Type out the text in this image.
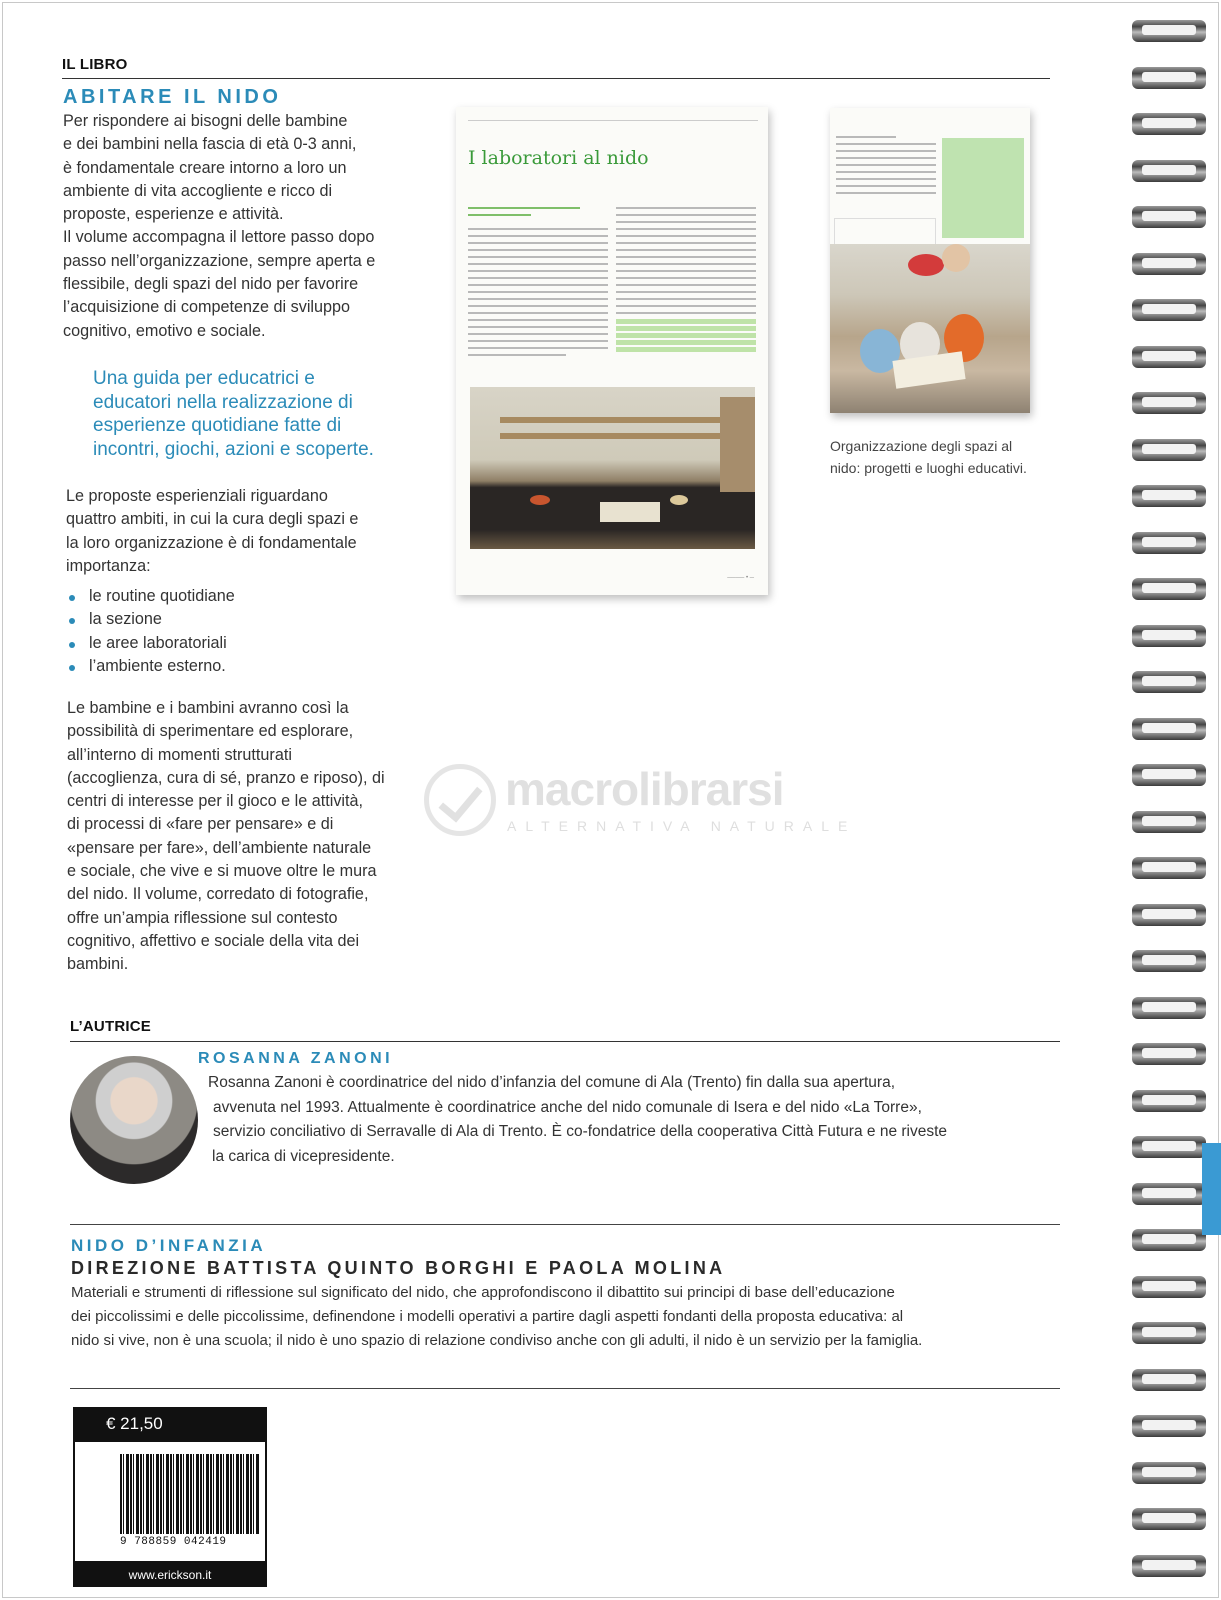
IL LIBRO
ABITARE IL NIDO
Per rispondere ai bisogni delle bambine
e dei bambini nella fascia di età 0-3 anni,
è fondamentale creare intorno a loro un
ambiente di vita accogliente e ricco di
proposte, esperienze e attività.
Il volume accompagna il lettore passo dopo
passo nell’organizzazione, sempre aperta e
flessibile, degli spazi del nido per favorire
l’acquisizione di competenze di sviluppo
cognitivo, emotivo e sociale.
Una guida per educatrici e
educatori nella realizzazione di
esperienze quotidiane fatte di
incontri, giochi, azioni e scoperte.
Le proposte esperienziali riguardano
quattro ambiti, in cui la cura degli spazi e
la loro organizzazione è di fondamentale
importanza:
le routine quotidiane
la sezione
le aree laboratoriali
l’ambiente esterno.
Le bambine e i bambini avranno così la
possibilità di sperimentare ed esplorare,
all’interno di momenti strutturati
(accoglienza, cura di sé, pranzo e riposo), di
centri di interesse per il gioco e le attività,
di processi di «fare per pensare» e di
«pensare per fare», dell’ambiente naturale
e sociale, che vive e si muove oltre le mura
del nido. Il volume, corredato di fotografie,
offre un’ampia riflessione sul contesto
cognitivo, affettivo e sociale della vita dei
bambini.
I laboratori al nido
──── • ─
Organizzazione degli spazi al
nido: progetti e luoghi educativi.
macrolibrarsi
ALTERNATIVA NATURALE
L’AUTRICE
ROSANNA ZANONI
Rosanna Zanoni è coordinatrice del nido d’infanzia del comune di Ala (Trento) fin dalla sua apertura,
avvenuta nel 1993. Attualmente è coordinatrice anche del nido comunale di Isera e del nido «La Torre»,
servizio conciliativo di Serravalle di Ala di Trento. È co-fondatrice della cooperativa Città Futura e ne riveste
la carica di vicepresidente.
NIDO D’INFANZIA
DIREZIONE BATTISTA QUINTO BORGHI E PAOLA MOLINA
Materiali e strumenti di riflessione sul significato del nido, che approfondiscono il dibattito sui principi di base dell’educazione
dei piccolissimi e delle piccolissime, definendone i modelli operativi a partire dagli aspetti fondanti della proposta educativa: al
nido si vive, non è una scuola; il nido è uno spazio di relazione condiviso anche con gli adulti, il nido è un servizio per la famiglia.
€ 21,50
9 788859 042419
www.erickson.it
